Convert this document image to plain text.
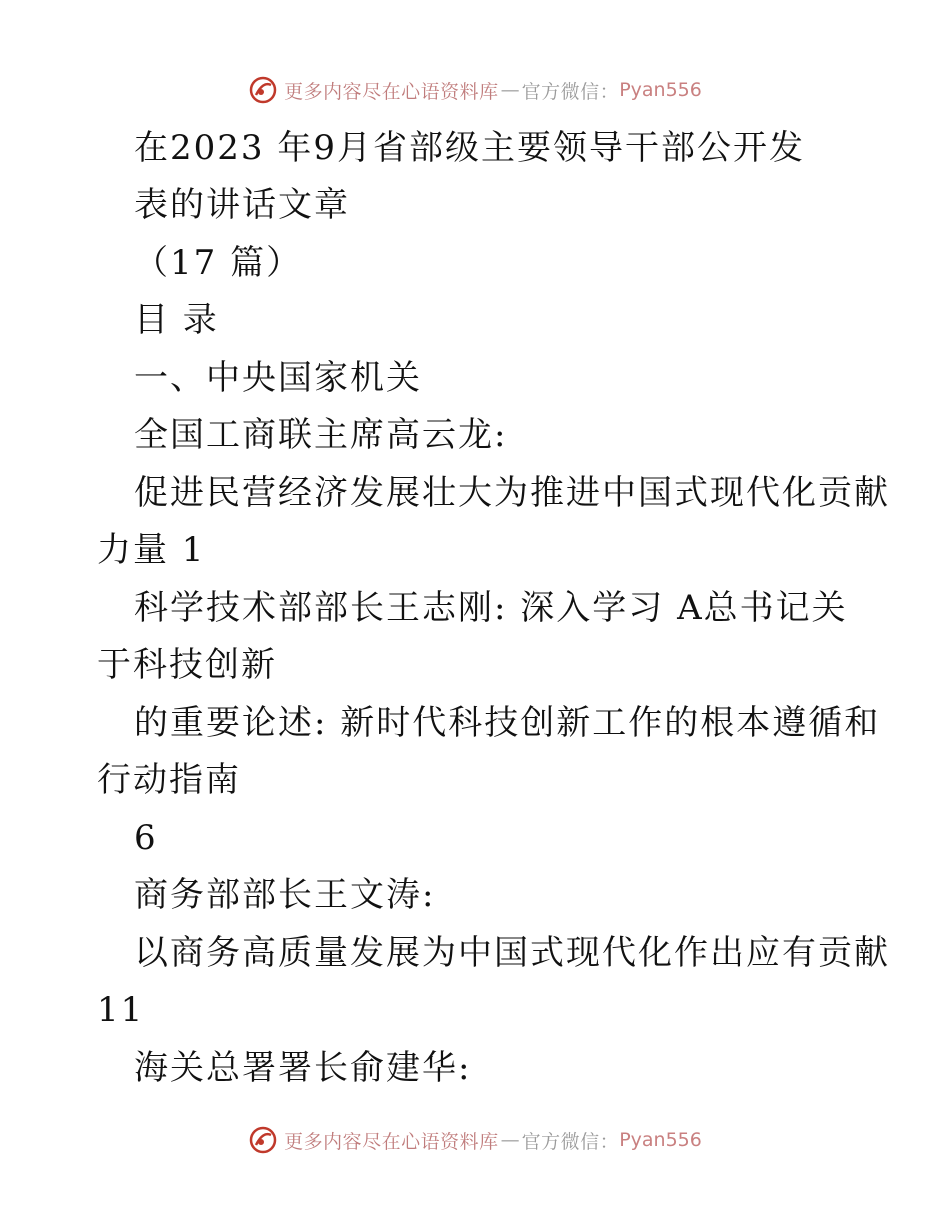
更多内容尽在心语资料库 — 官方微信： Pyan556
在2023 年9月省部级主要领导干部公开发
表的讲话文章
（17 篇）
目 录
一、中央国家机关
全国工商联主席高云龙:
促进民营经济发展壮大为推进中国式现代化贡献
力量 1
科学技术部部长王志刚: 深入学习 A总书记关
于科技创新
的重要论述: 新时代科技创新工作的根本遵循和
行动指南
6
商务部部长王文涛:
以商务高质量发展为中国式现代化作出应有贡献
11
海关总署署长俞建华:
更多内容尽在心语资料库 — 官方微信： Pyan556
